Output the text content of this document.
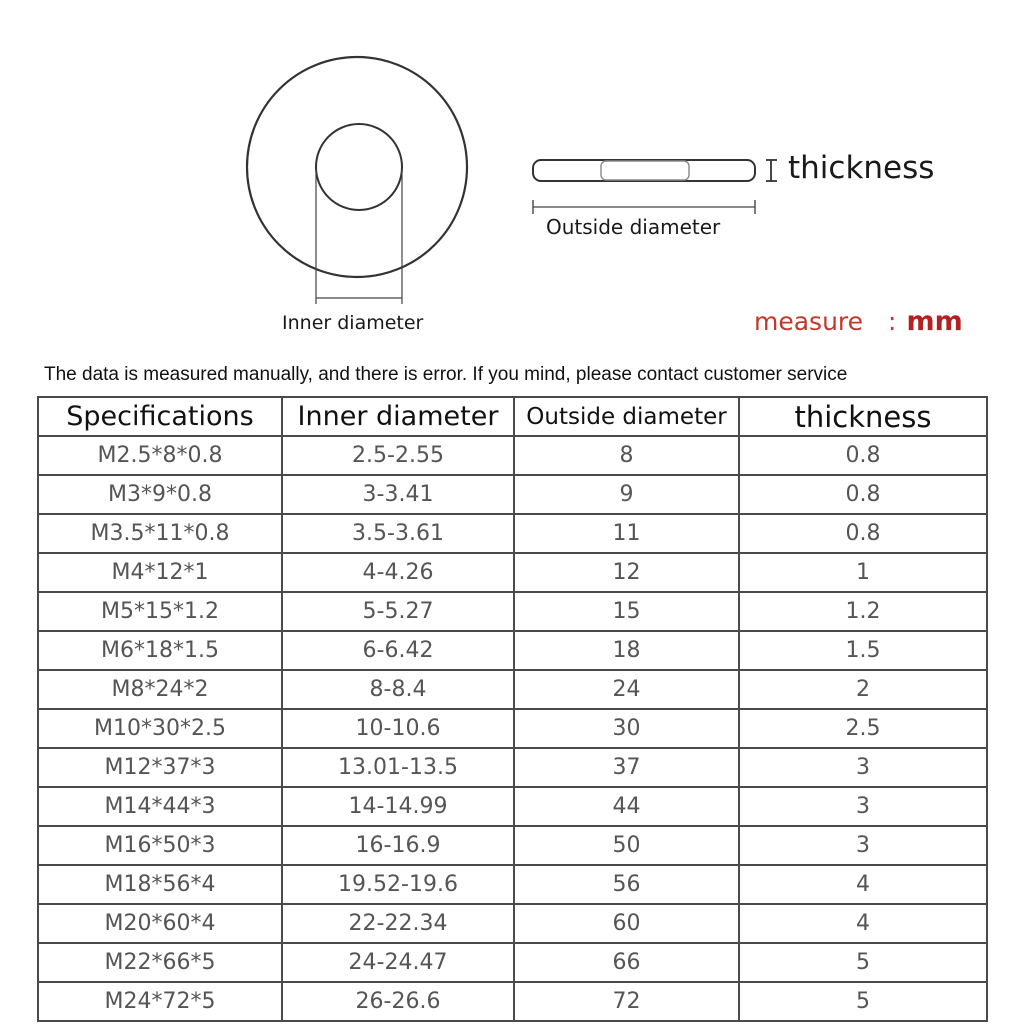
Inner diameter
Outside diameter
thickness
measure　: mm
The data is measured manually, and there is error. If you mind, please contact customer service
Specifications	Inner diameter	Outside diameter	thickness
M2.5*8*0.8	2.5-2.55	8	0.8
M3*9*0.8	3-3.41	9	0.8
M3.5*11*0.8	3.5-3.61	11	0.8
M4*12*1	4-4.26	12	1
M5*15*1.2	5-5.27	15	1.2
M6*18*1.5	6-6.42	18	1.5
M8*24*2	8-8.4	24	2
M10*30*2.5	10-10.6	30	2.5
M12*37*3	13.01-13.5	37	3
M14*44*3	14-14.99	44	3
M16*50*3	16-16.9	50	3
M18*56*4	19.52-19.6	56	4
M20*60*4	22-22.34	60	4
M22*66*5	24-24.47	66	5
M24*72*5	26-26.6	72	5
